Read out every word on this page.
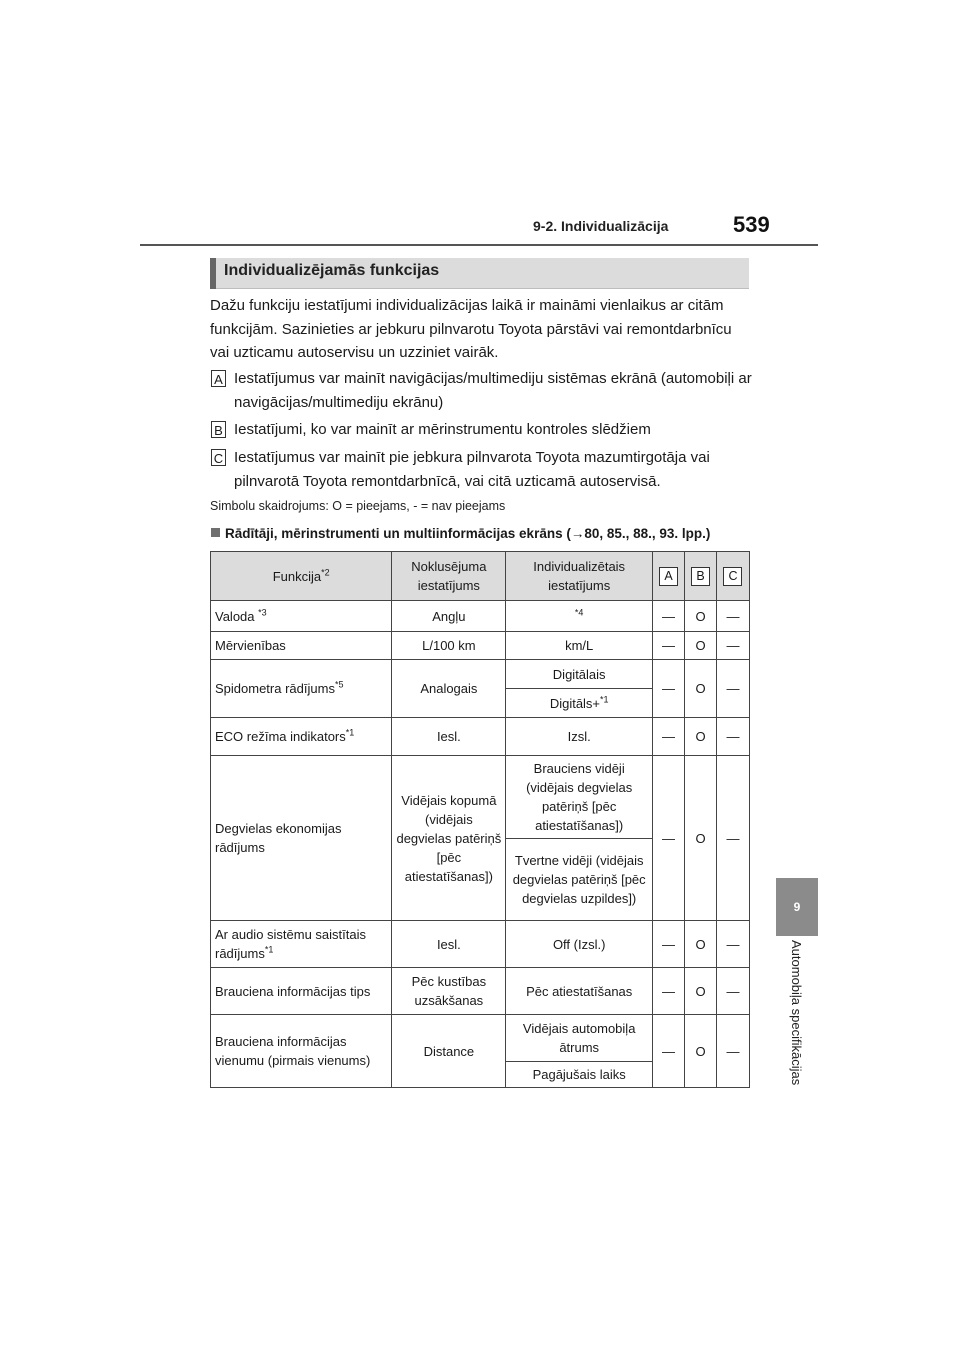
9-2. Individualizācija	539
9
Automobiļa specifikācijas
Individualizējamās funkcijas
Dažu funkciju iestatījumi individualizācijas laikā ir maināmi vienlaikus ar citām funkcijām. Sazinieties ar jebkuru pilnvarotu Toyota pārstāvi vai remontdarbnīcu vai uzticamu autoservisu un uzziniet vairāk.
A Iestatījumus var mainīt navigācijas/multimediju sistēmas ekrānā (automobiļi ar navigācijas/multimediju ekrānu)
B Iestatījumi, ko var mainīt ar mērinstrumentu kontroles slēdžiem
C Iestatījumus var mainīt pie jebkura pilnvarota Toyota mazumtirgotāja vai pilnvarotā Toyota remontdarbnīcā, vai citā uzticamā autoservisā.
Simbolu skaidrojums: O = pieejams, - = nav pieejams
Rādītāji, mērinstrumenti un multiinformācijas ekrāns (→80, 85., 88., 93. lpp.)
Funkcija$^{*2}$	Noklusējuma iestatījums	Individualizētais iestatījums	A	B	C
Valoda $^{*3}$	Angļu	$^{*4}$	—	O	—
Mērvienības	L/100 km	km/L	—	O	—
Spidometra rādījums$^{*5}$	Analogais	Digitālais	—	O	—
		Digitāls+$^{*1}$
ECO režīma indikators$^{*1}$	Iesl.	Izsl.	—	O	—
Degvielas ekonomijas rādījums	Vidējais kopumā (vidējais degvielas patēriņš [pēc atiestatīšanas])	Brauciens vidēji (vidējais degvielas patēriņš [pēc atiestatīšanas])	—	O	—
		Tvertne vidēji (vidējais degvielas patēriņš [pēc degvielas uzpildes])			
Ar audio sistēmu saistītais rādījums$^{*1}$	Iesl.	Off (Izsl.)	—	O	—
Brauciena informācijas tips	Pēc kustības uzsākšanas	Pēc atiestatīšanas	—	O	—
Brauciena informācijas vienumu (pirmais vienums)	Distance	Vidējais automobiļa ātrums	—	O	—
		Pagājušais laiks			
